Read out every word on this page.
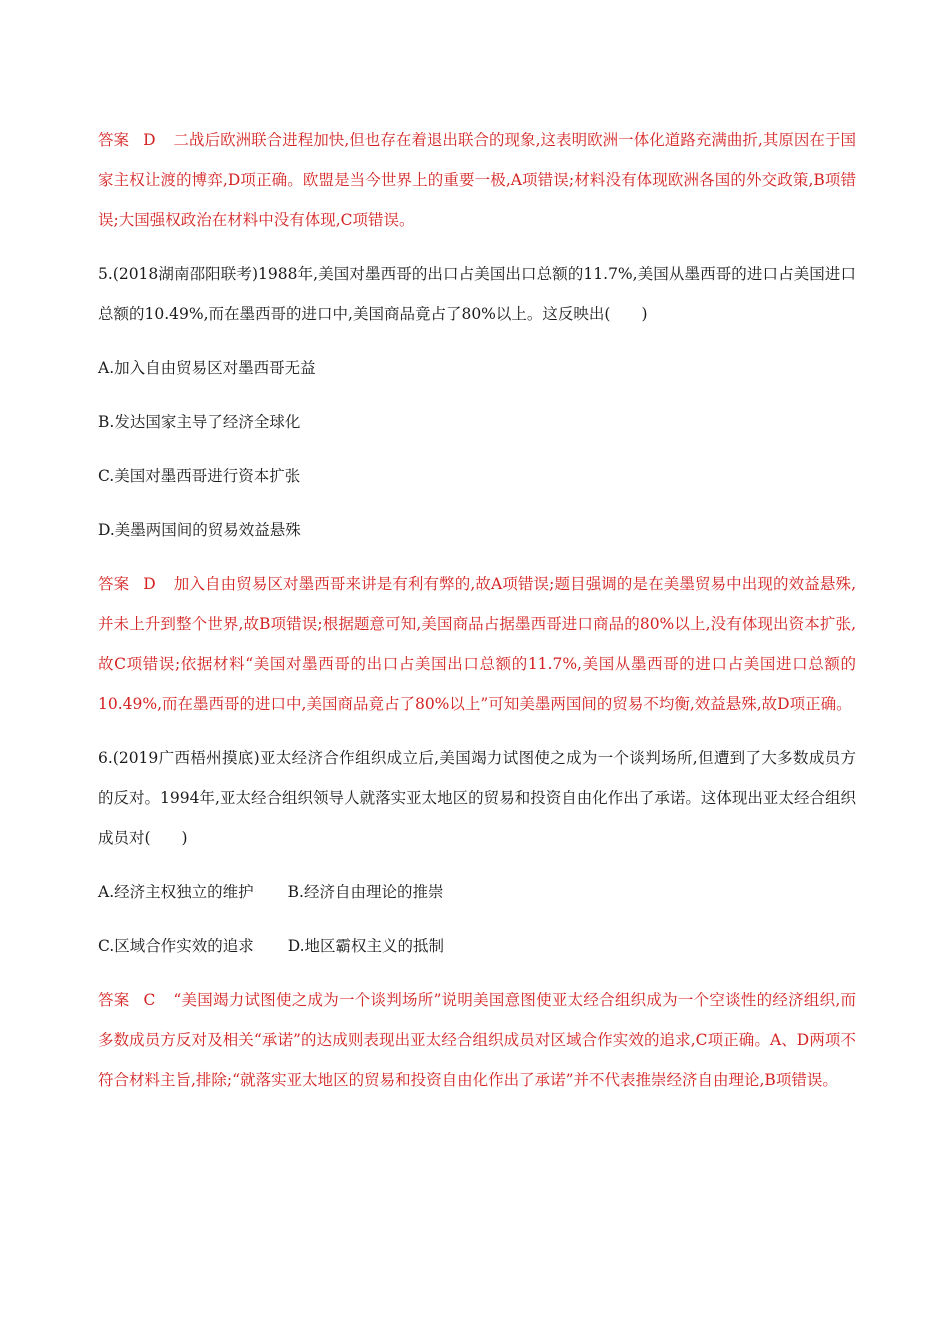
答案 D 二战后欧洲联合进程加快,但也存在着退出联合的现象,这表明欧洲一体化道路充满曲折,其原因在于国家主权让渡的博弈,D项正确。欧盟是当今世界上的重要一极,A项错误;材料没有体现欧洲各国的外交政策,B项错误;大国强权政治在材料中没有体现,C项错误。

5.(2018湖南邵阳联考)1988年,美国对墨西哥的出口占美国出口总额的11.7%,美国从墨西哥的进口占美国进口总额的10.49%,而在墨西哥的进口中,美国商品竟占了80%以上。这反映出(　　)

A.加入自由贸易区对墨西哥无益

B.发达国家主导了经济全球化

C.美国对墨西哥进行资本扩张

D.美墨两国间的贸易效益悬殊

答案 D 加入自由贸易区对墨西哥来讲是有利有弊的,故A项错误;题目强调的是在美墨贸易中出现的效益悬殊,并未上升到整个世界,故B项错误;根据题意可知,美国商品占据墨西哥进口商品的80%以上,没有体现出资本扩张,故C项错误;依据材料“美国对墨西哥的出口占美国出口总额的11.7%,美国从墨西哥的进口占美国进口总额的10.49%,而在墨西哥的进口中,美国商品竟占了80%以上”可知美墨两国间的贸易不均衡,效益悬殊,故D项正确。

6.(2019广西梧州摸底)亚太经济合作组织成立后,美国竭力试图使之成为一个谈判场所,但遭到了大多数成员方的反对。1994年,亚太经合组织领导人就落实亚太地区的贸易和投资自由化作出了承诺。这体现出亚太经合组织成员对(　　)

A.经济主权独立的维护 B.经济自由理论的推崇

C.区域合作实效的追求 D.地区霸权主义的抵制

答案 C “美国竭力试图使之成为一个谈判场所”说明美国意图使亚太经合组织成为一个空谈性的经济组织,而多数成员方反对及相关“承诺”的达成则表现出亚太经合组织成员对区域合作实效的追求,C项正确。A、D两项不符合材料主旨,排除;“就落实亚太地区的贸易和投资自由化作出了承诺”并不代表推崇经济自由理论,B项错误。
